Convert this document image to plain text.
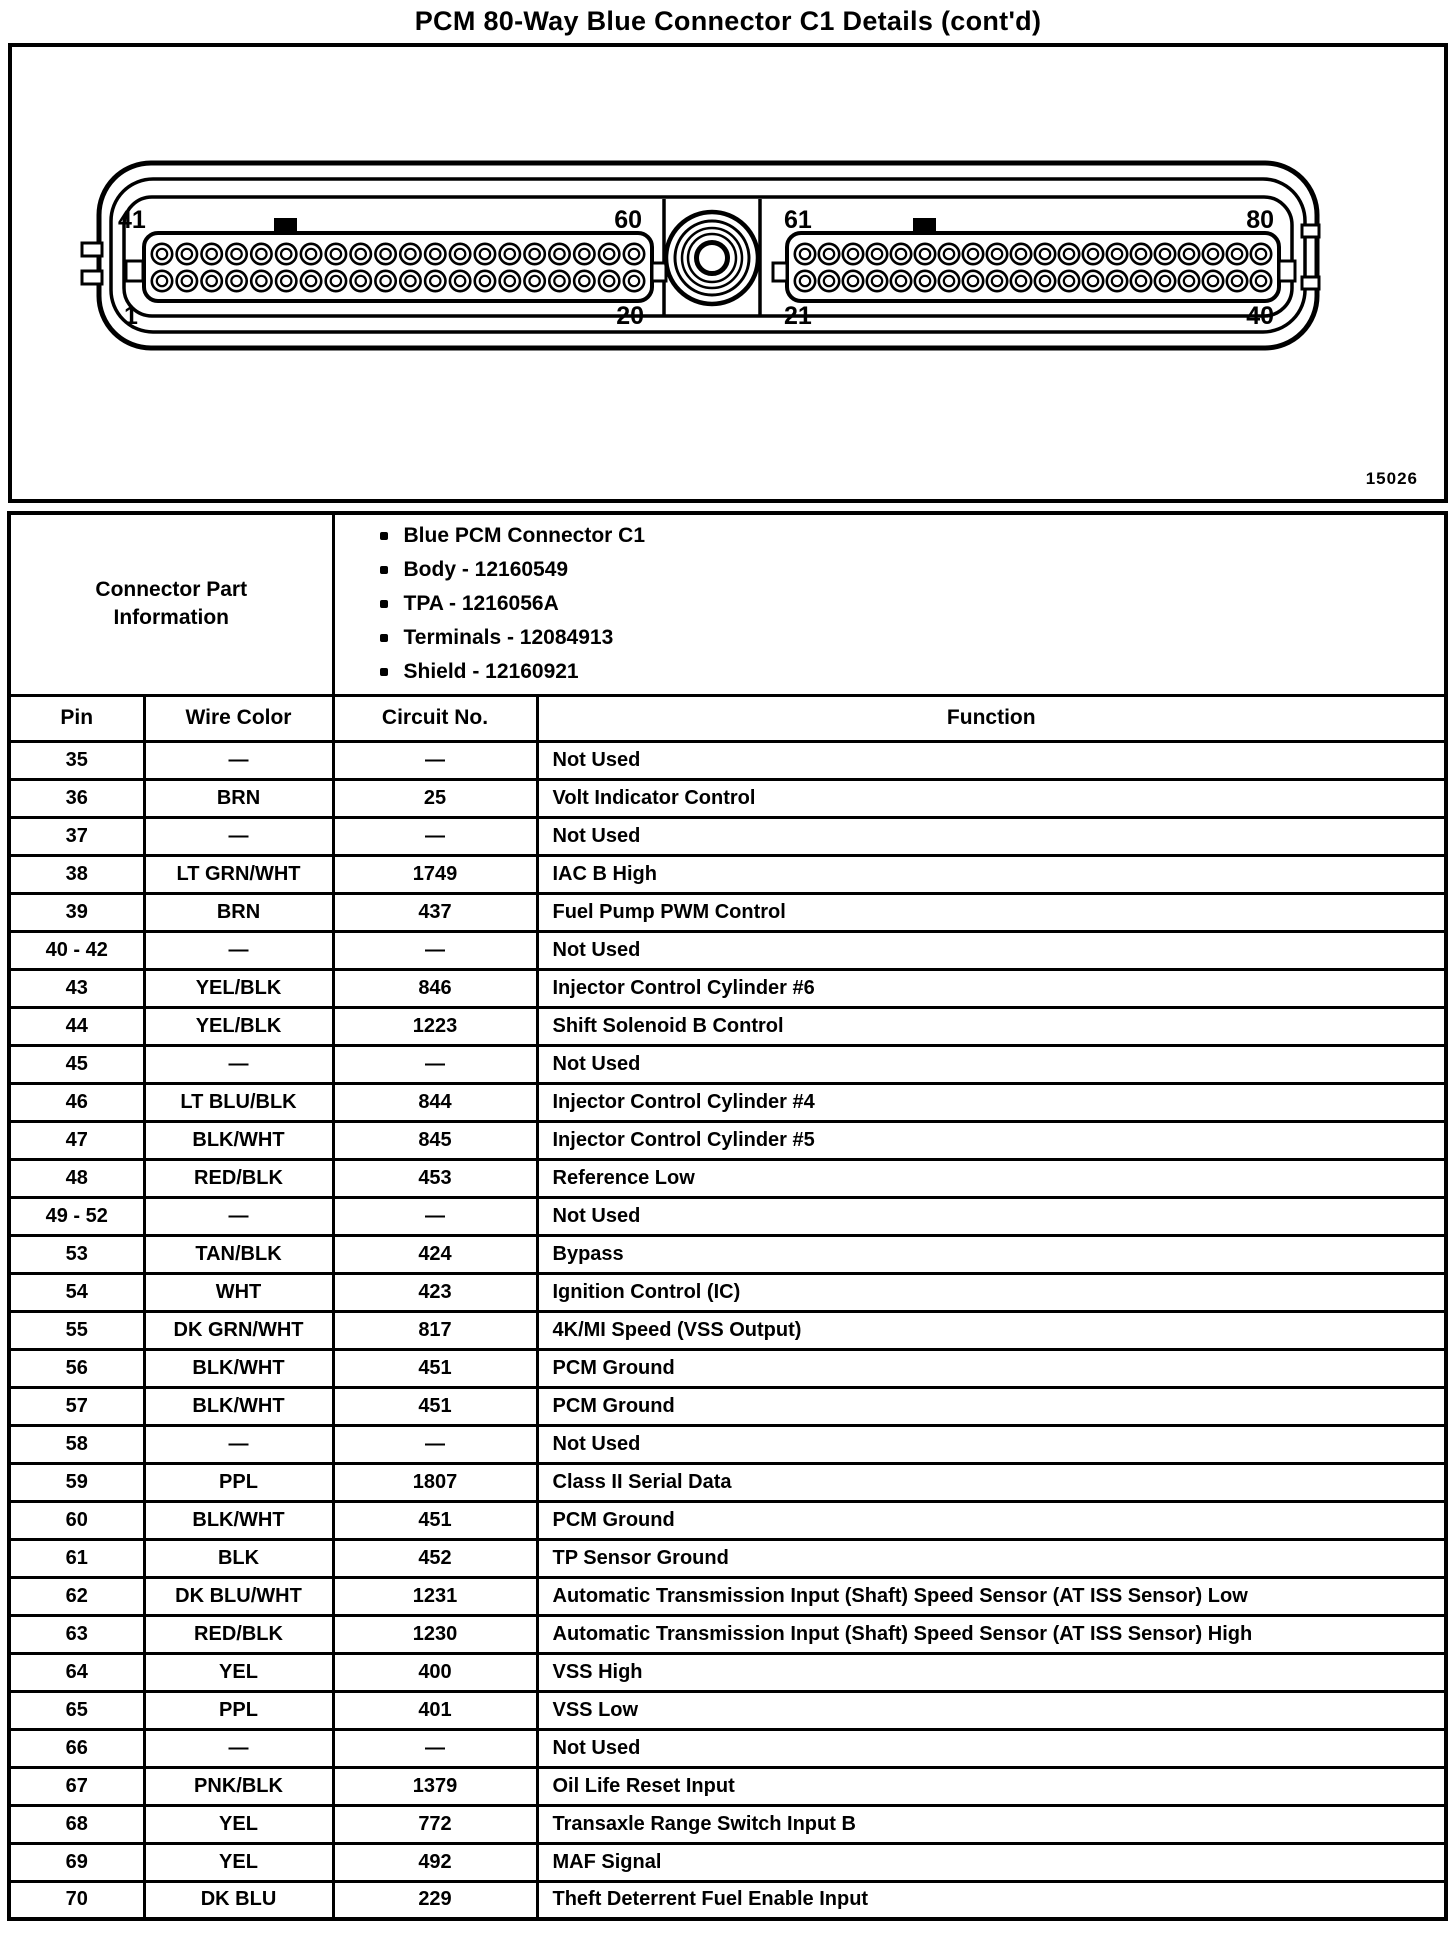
PCM 80-Way Blue Connector C1 Details (cont'd)
41	60
1	20
61	80
21	40
15026
Connector Part Information	
Blue PCM Connector C1
Body - 12160549
TPA - 1216056A
Terminals - 12084913
Shield - 12160921

Pin	Wire Color	Circuit No.	Function
35	—	—	Not Used
36	BRN	25	Volt Indicator Control
37	—	—	Not Used
38	LT GRN/WHT	1749	IAC B High
39	BRN	437	Fuel Pump PWM Control
40 - 42	—	—	Not Used
43	YEL/BLK	846	Injector Control Cylinder #6
44	YEL/BLK	1223	Shift Solenoid B Control
45	—	—	Not Used
46	LT BLU/BLK	844	Injector Control Cylinder #4
47	BLK/WHT	845	Injector Control Cylinder #5
48	RED/BLK	453	Reference Low
49 - 52	—	—	Not Used
53	TAN/BLK	424	Bypass
54	WHT	423	Ignition Control (IC)
55	DK GRN/WHT	817	4K/MI Speed (VSS Output)
56	BLK/WHT	451	PCM Ground
57	BLK/WHT	451	PCM Ground
58	—	—	Not Used
59	PPL	1807	Class II Serial Data
60	BLK/WHT	451	PCM Ground
61	BLK	452	TP Sensor Ground
62	DK BLU/WHT	1231	Automatic Transmission Input (Shaft) Speed Sensor (AT ISS Sensor) Low
63	RED/BLK	1230	Automatic Transmission Input (Shaft) Speed Sensor (AT ISS Sensor) High
64	YEL	400	VSS High
65	PPL	401	VSS Low
66	—	—	Not Used
67	PNK/BLK	1379	Oil Life Reset Input
68	YEL	772	Transaxle Range Switch Input B
69	YEL	492	MAF Signal
70	DK BLU	229	Theft Deterrent Fuel Enable Input
